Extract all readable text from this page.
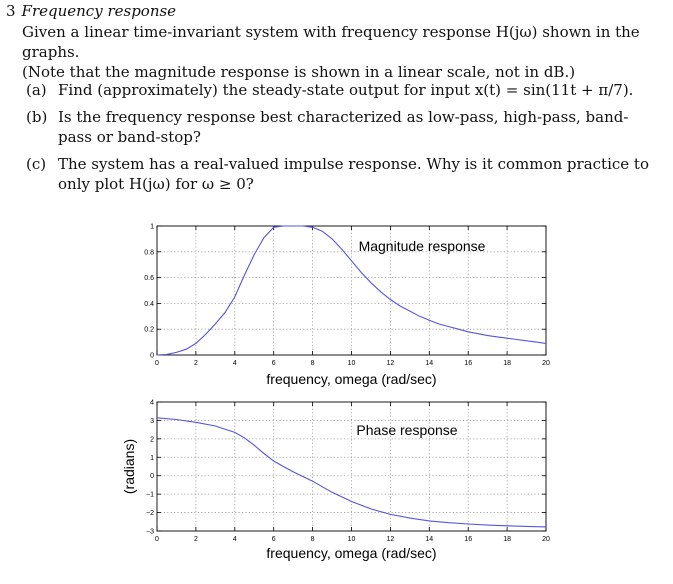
3 Frequency response

Given a linear time-invariant system with frequency response H(jω) shown in the graphs.

(Note that the magnitude response is shown in a linear scale, not in dB.)

(a) Find (approximately) the steady-state output for input x(t) = sin(11t + π/7).
(b) Is the frequency response best characterized as low-pass, high-pass, band-pass or band-stop?
(c) The system has a real-valued impulse response. Why is it common practice to only plot H(jω) for ω ≥ 0?
0	2	4	6	8	10	12	14	16	18	20
0
0.2
0.4
0.6
0.8
1
Magnitude response
frequency, omega (rad/sec)
0	2	4	6	8	10	12	14	16	18	20
−3
−2
−1
0
1
2
3
4
Phase response
frequency, omega (rad/sec)
(radians)
